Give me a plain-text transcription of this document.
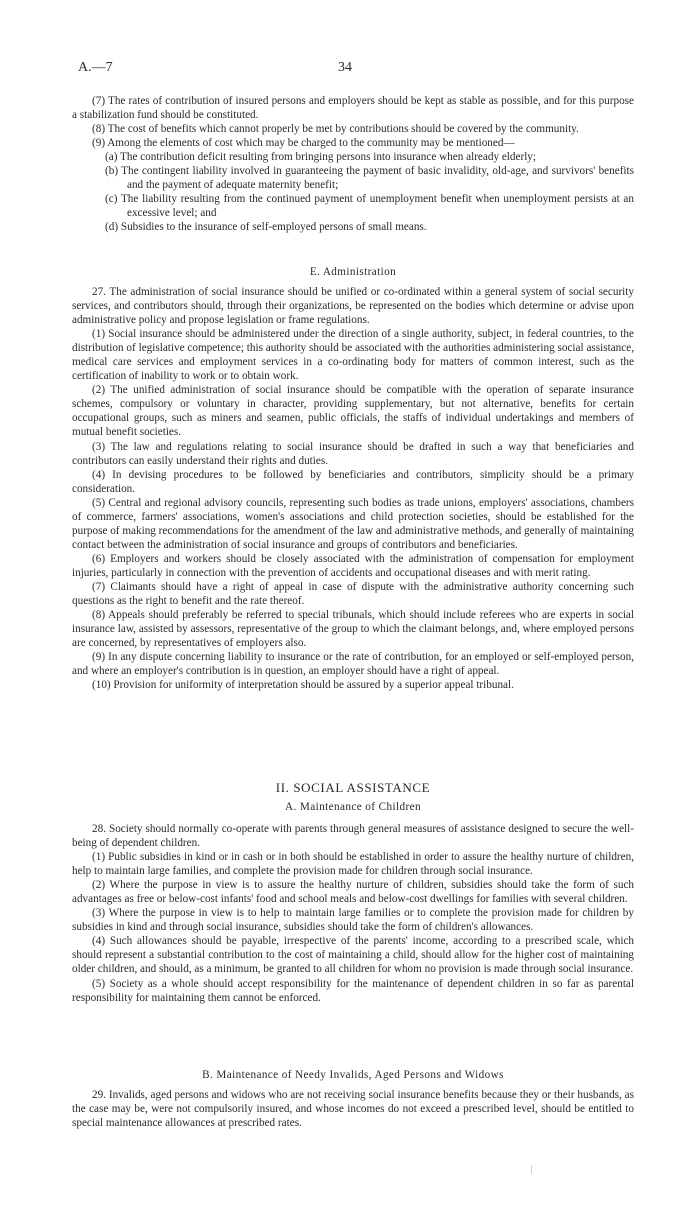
A.—7	34

(7) The rates of contribution of insured persons and employers should be kept as stable as possible, and for this purpose a stabilization fund should be constituted.

(8) The cost of benefits which cannot properly be met by contributions should be covered by the community.

(9) Among the elements of cost which may be charged to the community may be mentioned—

(a) The contribution deficit resulting from bringing persons into insurance when already elderly;

(b) The contingent liability involved in guaranteeing the payment of basic invalidity, old-age, and survivors' benefits and the payment of adequate maternity benefit;

(c) The liability resulting from the continued payment of unemployment benefit when unemployment persists at an excessive level; and

(d) Subsidies to the insurance of self-employed persons of small means.

E. Administration

27. The administration of social insurance should be unified or co-ordinated within a general system of social security services, and contributors should, through their organizations, be represented on the bodies which determine or advise upon administrative policy and propose legislation or frame regulations.

(1) Social insurance should be administered under the direction of a single authority, subject, in federal countries, to the distribution of legislative competence; this authority should be associated with the authorities administering social assistance, medical care services and employment services in a co-ordinating body for matters of common interest, such as the certification of inability to work or to obtain work.

(2) The unified administration of social insurance should be compatible with the operation of separate insurance schemes, compulsory or voluntary in character, providing supplementary, but not alternative, benefits for certain occupational groups, such as miners and seamen, public officials, the staffs of individual undertakings and members of mutual benefit societies.

(3) The law and regulations relating to social insurance should be drafted in such a way that beneficiaries and contributors can easily understand their rights and duties.

(4) In devising procedures to be followed by beneficiaries and contributors, simplicity should be a primary consideration.

(5) Central and regional advisory councils, representing such bodies as trade unions, employers' associations, chambers of commerce, farmers' associations, women's associations and child protection societies, should be established for the purpose of making recommendations for the amendment of the law and administrative methods, and generally of maintaining contact between the administration of social insurance and groups of contributors and beneficiaries.

(6) Employers and workers should be closely associated with the administration of compensation for employment injuries, particularly in connection with the prevention of accidents and occupational diseases and with merit rating.

(7) Claimants should have a right of appeal in case of dispute with the administrative authority concerning such questions as the right to benefit and the rate thereof.

(8) Appeals should preferably be referred to special tribunals, which should include referees who are experts in social insurance law, assisted by assessors, representative of the group to which the claimant belongs, and, where employed persons are concerned, by representatives of employers also.

(9) In any dispute concerning liability to insurance or the rate of contribution, for an employed or self-employed person, and where an employer's contribution is in question, an employer should have a right of appeal.

(10) Provision for uniformity of interpretation should be assured by a superior appeal tribunal.

II. SOCIAL ASSISTANCE
A. Maintenance of Children

28. Society should normally co-operate with parents through general measures of assistance designed to secure the well-being of dependent children.

(1) Public subsidies in kind or in cash or in both should be established in order to assure the healthy nurture of children, help to maintain large families, and complete the provision made for children through social insurance.

(2) Where the purpose in view is to assure the healthy nurture of children, subsidies should take the form of such advantages as free or below-cost infants' food and school meals and below-cost dwellings for families with several children.

(3) Where the purpose in view is to help to maintain large families or to complete the provision made for children by subsidies in kind and through social insurance, subsidies should take the form of children's allowances.

(4) Such allowances should be payable, irrespective of the parents' income, according to a prescribed scale, which should represent a substantial contribution to the cost of maintaining a child, should allow for the higher cost of maintaining older children, and should, as a minimum, be granted to all children for whom no provision is made through social insurance.

(5) Society as a whole should accept responsibility for the maintenance of dependent children in so far as parental responsibility for maintaining them cannot be enforced.

B. Maintenance of Needy Invalids, Aged Persons and Widows

29. Invalids, aged persons and widows who are not receiving social insurance benefits because they or their husbands, as the case may be, were not compulsorily insured, and whose incomes do not exceed a prescribed level, should be entitled to special maintenance allowances at prescribed rates.
